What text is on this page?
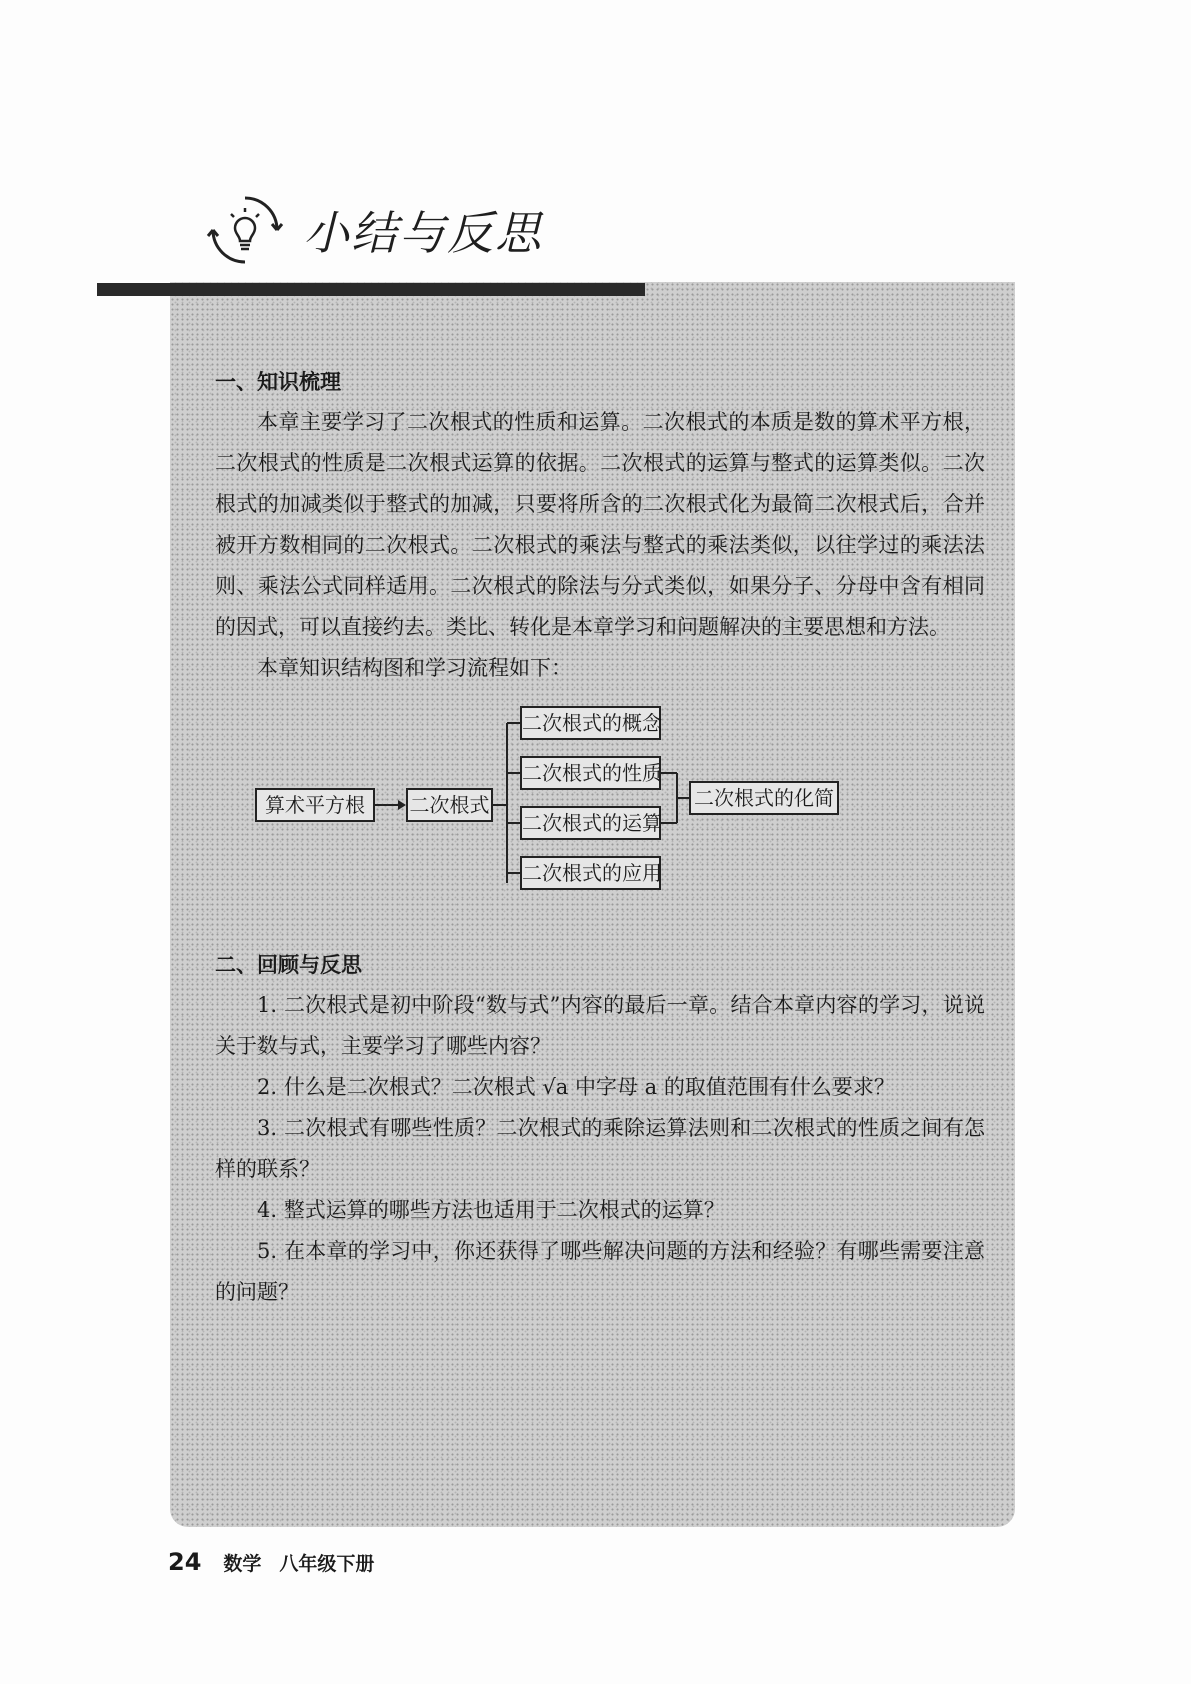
小结与反思
一、知识梳理

本章主要学习了二次根式的性质和运算。二次根式的本质是数的算术平方根，二次根式的性质是二次根式运算的依据。二次根式的运算与整式的运算类似。二次根式的加减类似于整式的加减，只要将所含的二次根式化为最简二次根式后，合并被开方数相同的二次根式。二次根式的乘法与整式的乘法类似，以往学过的乘法法则、乘法公式同样适用。二次根式的除法与分式类似，如果分子、分母中含有相同的因式，可以直接约去。类比、转化是本章学习和问题解决的主要思想和方法。

本章知识结构图和学习流程如下：

算术平方根	二次根式
二次根式的概念
二次根式的性质
二次根式的运算
二次根式的应用
二次根式的化简
二、回顾与反思

1. 二次根式是初中阶段“数与式”内容的最后一章。结合本章内容的学习，说说关于数与式，主要学习了哪些内容？

2. 什么是二次根式？二次根式 √a 中字母 a 的取值范围有什么要求？

3. 二次根式有哪些性质？二次根式的乘除运算法则和二次根式的性质之间有怎样的联系？

4. 整式运算的哪些方法也适用于二次根式的运算？

5. 在本章的学习中，你还获得了哪些解决问题的方法和经验？有哪些需要注意的问题？

24 数学 八年级下册
